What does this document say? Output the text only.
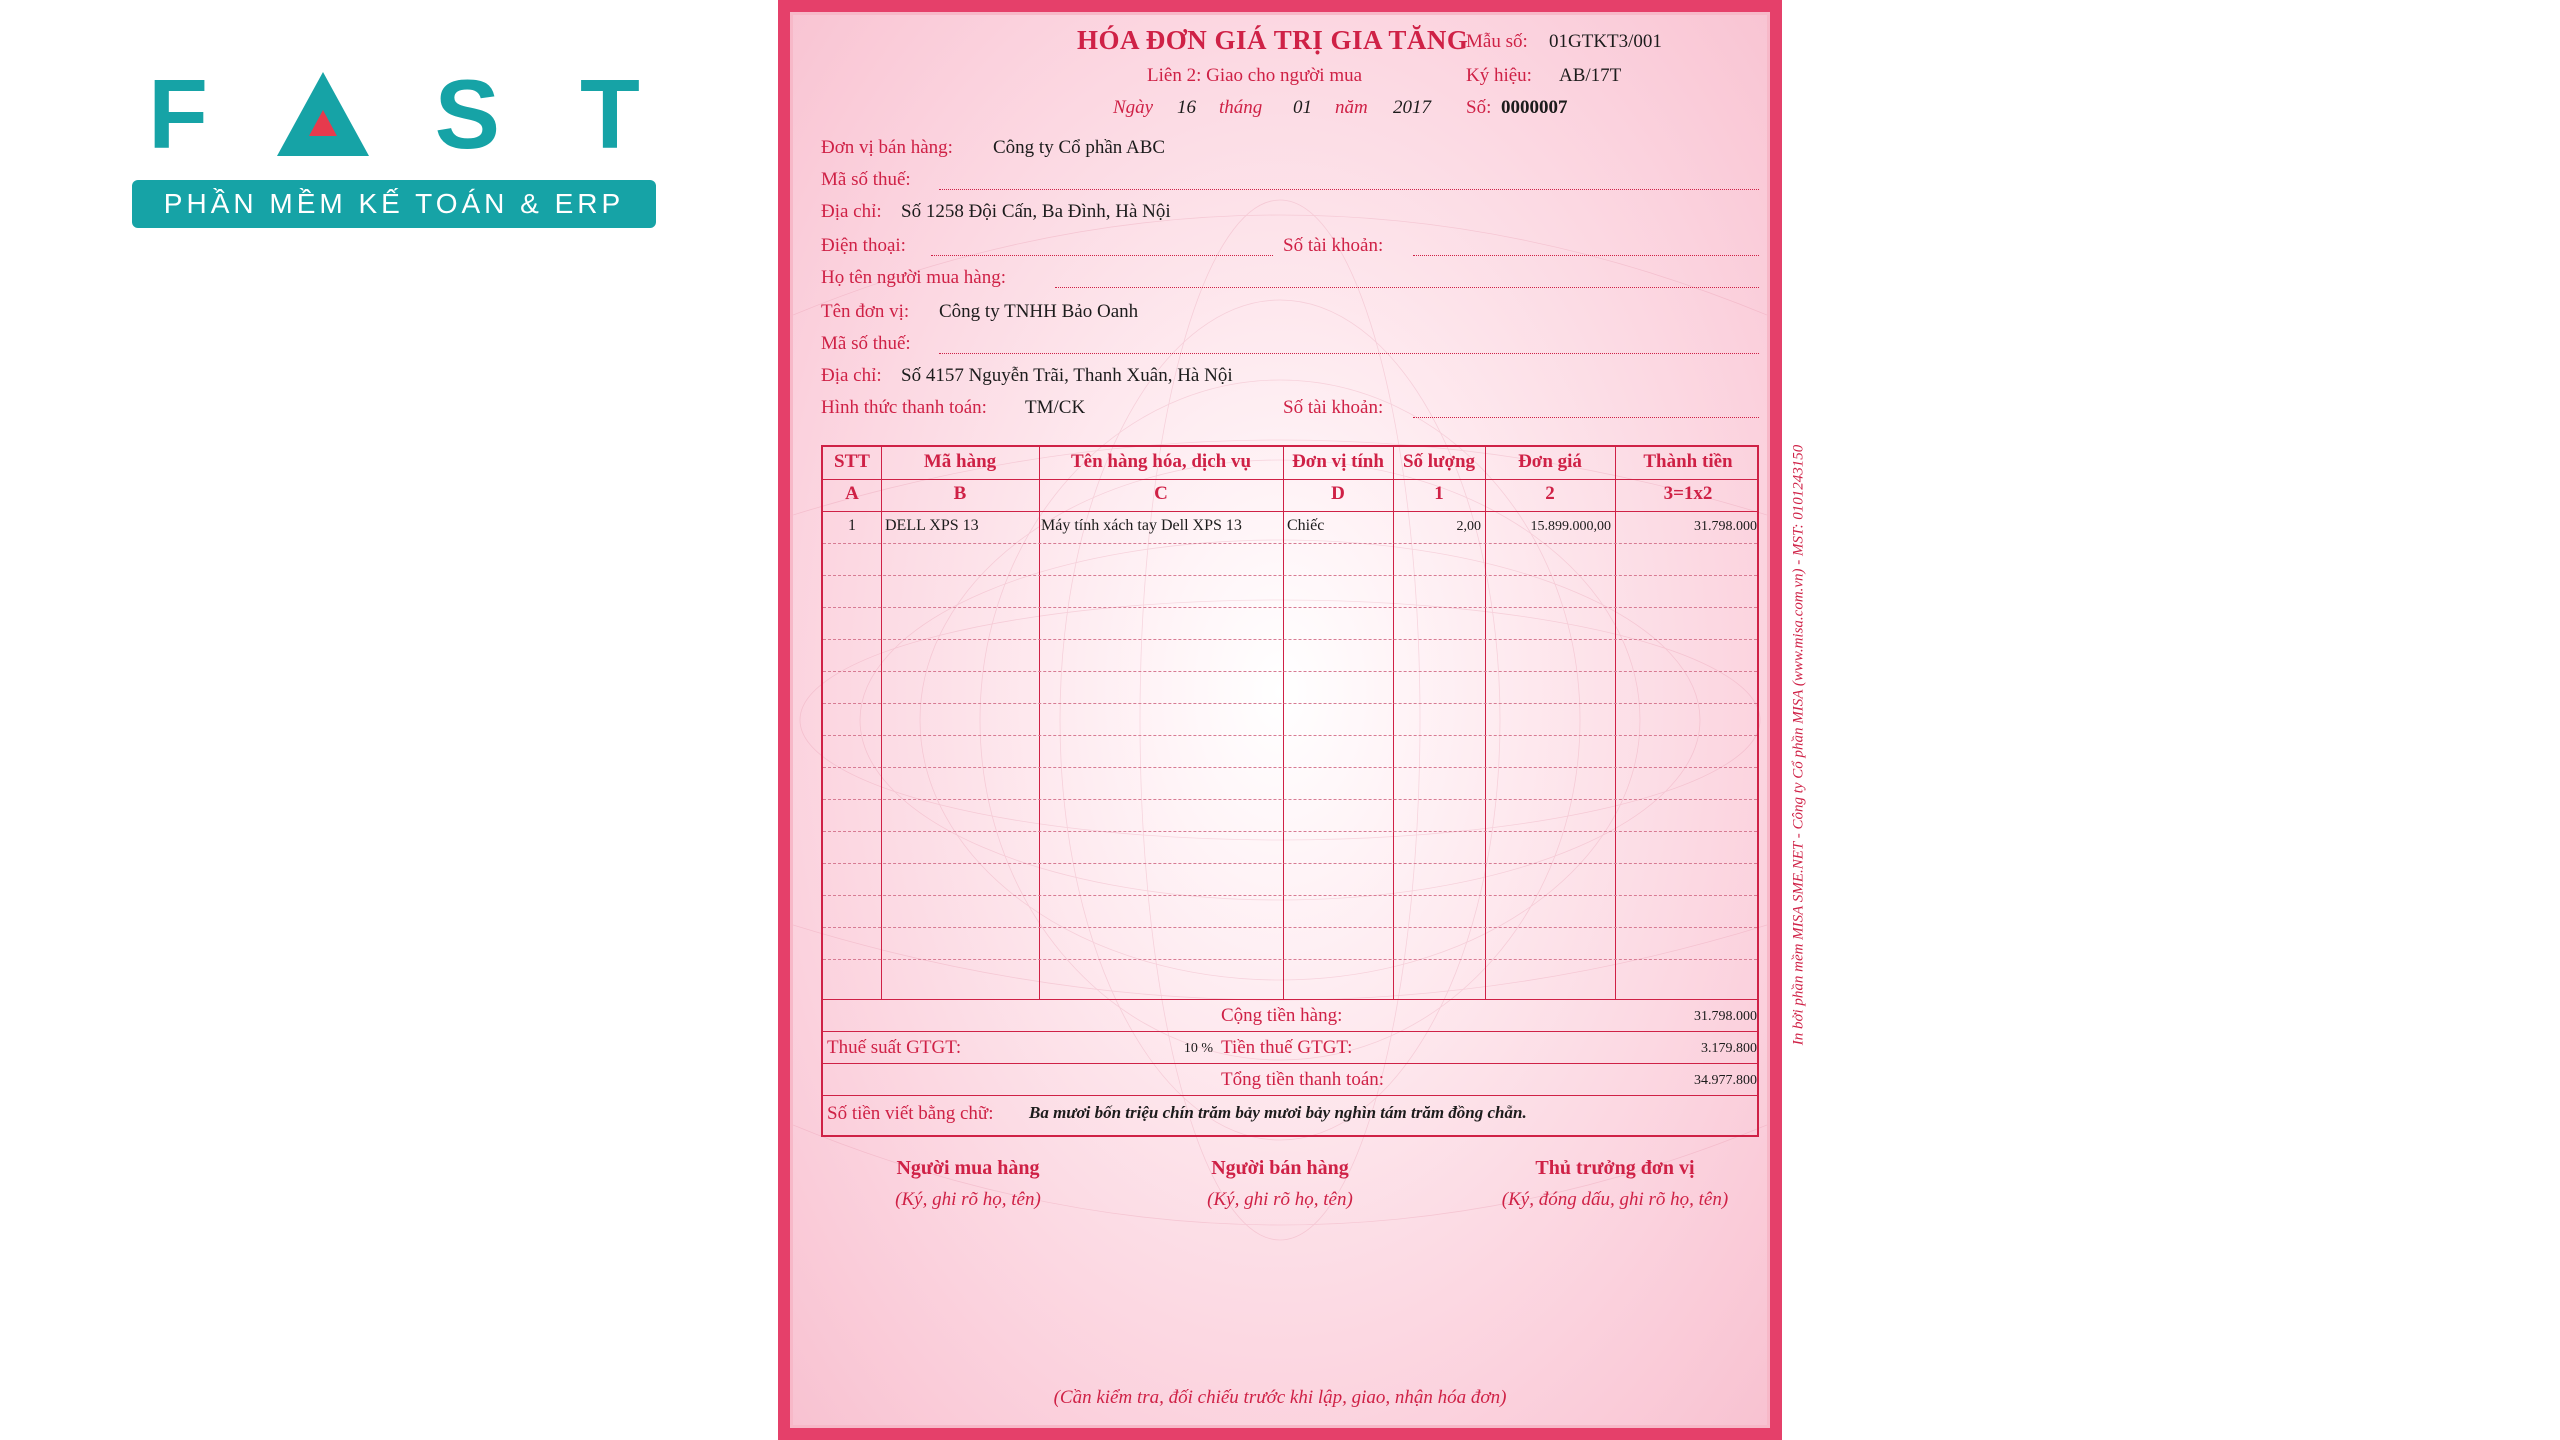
F S T
PHẦN MỀM KẾ TOÁN & ERP
HÓA ĐƠN GIÁ TRỊ GIA TĂNG
Liên 2: Giao cho người mua
Ngày 16 tháng 01 năm 2017
Mẫu số: 01GTKT3/001
Ký hiệu: AB/17T
Số: 0000007
Đơn vị bán hàng: Công ty Cổ phần ABC
Mã số thuế:
Địa chỉ: Số 1258 Đội Cấn, Ba Đình, Hà Nội
Điện thoại:	Số tài khoản:
Họ tên người mua hàng:
Tên đơn vị: Công ty TNHH Bảo Oanh
Mã số thuế:
Địa chỉ: Số 4157 Nguyễn Trãi, Thanh Xuân, Hà Nội
Hình thức thanh toán: TM/CK	Số tài khoản:
STT	Mã hàng	Tên hàng hóa, dịch vụ	Đơn vị tính	Số lượng	Đơn giá	Thành tiền
A	B	C	D	1	2	3=1x2
1	DELL XPS 13	Máy tính xách tay Dell XPS 13	Chiếc	2,00	15.899.000,00	31.798.000
Cộng tiền hàng:	31.798.000
Thuế suất GTGT:	10 % Tiền thuế GTGT:	3.179.800
Tổng tiền thanh toán:	34.977.800
Số tiền viết bằng chữ: Ba mươi bốn triệu chín trăm bảy mươi bảy nghìn tám trăm đồng chẵn.
Người mua hàng
(Ký, ghi rõ họ, tên)
Người bán hàng
(Ký, ghi rõ họ, tên)
Thủ trưởng đơn vị
(Ký, đóng dấu, ghi rõ họ, tên)
(Cần kiểm tra, đối chiếu trước khi lập, giao, nhận hóa đơn)
In bởi phần mềm MISA SME.NET - Công ty Cổ phần MISA (www.misa.com.vn) - MST: 0101243150
